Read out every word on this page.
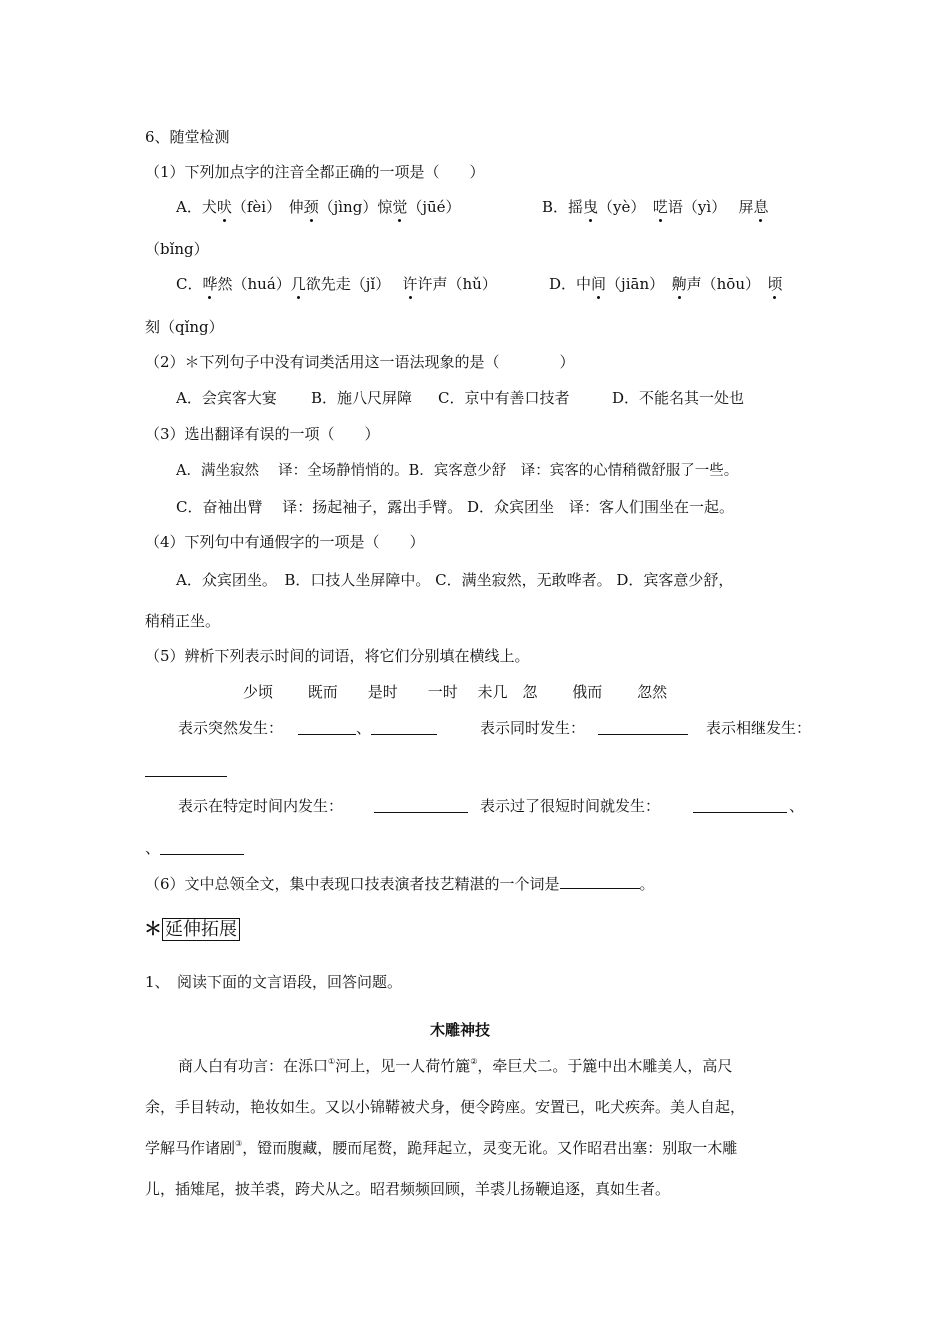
6、随堂检测
（1）下列加点字的注音全都正确的一项是（　　）
A．犬吠（fèi）　伸颈（jìng）惊觉（jūé）	B．摇曳（yè）　呓语（yì）　 屏息
（bǐng）
C．哗然（huá）几欲先走（jǐ）　 许许声（hǔ）	D．中间（jiān）　齁声（hōu）　顷
刻（qǐng）
（2）＊下列句子中没有词类活用这一语法现象的是（　　　　）
A．会宾客大宴 B．施八尺屏障 C．京中有善口技者	D．不能名其一处也
（3）选出翻译有误的一项（　　）
A．满坐寂然　 译：全场静悄悄的。B．宾客意少舒　译：宾客的心情稍微舒服了一些。
C．奋袖出臂　 译：扬起袖子，露出手臂。 D．众宾团坐　译：客人们围坐在一起。
（4）下列句中有通假字的一项是（　　）
A．众宾团坐。　B．口技人坐屏障中。 C．满坐寂然，无敢哗者。 D．宾客意少舒，
稍稍正坐。
（5）辨析下列表示时间的词语，将它们分别填在横线上。
少顷　　 既而　　是时　　一时　 未几　忽　　 俄而　　 忽然
表示突然发生：	、	表示同时发生：	表示相继发生：
表示在特定时间内发生：	表示过了很短时间就发生：	、
、
（6）文中总领全文，集中表现口技表演者技艺精湛的一个词是	。
＊ 延伸拓展
1、　阅读下面的文言语段，回答问题。
木雕神技
商人白有功言：在泺口①河上，见一人荷竹簏②，牵巨犬二。于簏中出木雕美人，高尺
余，手目转动，艳妆如生。又以小锦鞯被犬身，便令跨座。安置已，叱犬疾奔。美人自起，
学解马作诸剧③，镫而腹藏，腰而尾赘，跪拜起立，灵变无讹。又作昭君出塞：别取一木雕
儿，插雉尾，披羊裘，跨犬从之。昭君频频回顾，羊裘儿扬鞭追逐，真如生者。
